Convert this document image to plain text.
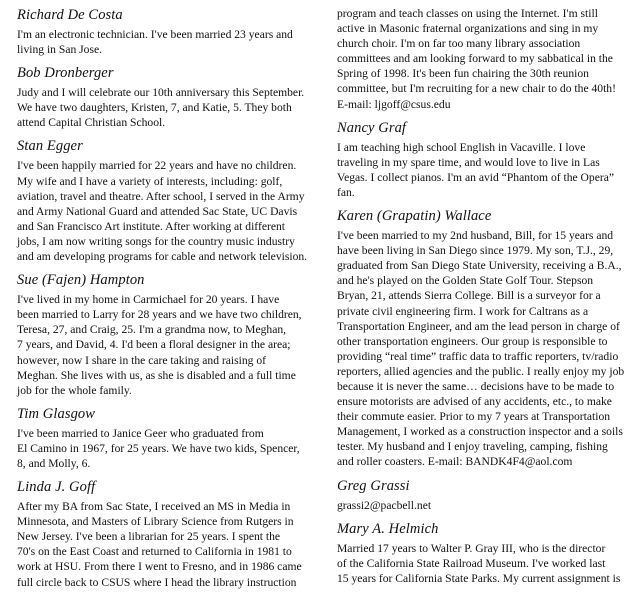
Richard De Costa
I'm an electronic technician. I've been married 23 years and
living in San Jose.
Bob Dronberger
Judy and I will celebrate our 10th anniversary this September.
We have two daughters, Kristen, 7, and Katie, 5. They both
attend Capital Christian School.
Stan Egger
I've been happily married for 22 years and have no children.
My wife and I have a variety of interests, including: golf,
aviation, travel and theatre. After school, I served in the Army
and Army National Guard and attended Sac State, UC Davis
and San Francisco Art institute. After working at different
jobs, I am now writing songs for the country music industry
and am developing programs for cable and network television.
Sue (Fajen) Hampton
I've lived in my home in Carmichael for 20 years. I have
been married to Larry for 28 years and we have two children,
Teresa, 27, and Craig, 25. I'm a grandma now, to Meghan,
7 years, and David, 4. I'd been a floral designer in the area;
however, now I share in the care taking and raising of
Meghan. She lives with us, as she is disabled and a full time
job for the whole family.
Tim Glasgow
I've been married to Janice Geer who graduated from
El Camino in 1967, for 25 years. We have two kids, Spencer,
8, and Molly, 6.
Linda J. Goff
After my BA from Sac State, I received an MS in Media in
Minnesota, and Masters of Library Science from Rutgers in
New Jersey. I've been a librarian for 25 years. I spent the
70's on the East Coast and returned to California in 1981 to
work at HSU. From there I went to Fresno, and in 1986 came
full circle back to CSUS where I head the library instruction
program and teach classes on using the Internet. I'm still
active in Masonic fraternal organizations and sing in my
church choir. I'm on far too many library association
committees and am looking forward to my sabbatical in the
Spring of 1998. It's been fun chairing the 30th reunion
committee, but I'm recruiting for a new chair to do the 40th!
E-mail: ljgoff@csus.edu
Nancy Graf
I am teaching high school English in Vacaville. I love
traveling in my spare time, and would love to live in Las
Vegas. I collect pianos. I'm an avid “Phantom of the Opera”
fan.
Karen (Grapatin) Wallace
I've been married to my 2nd husband, Bill, for 15 years and
have been living in San Diego since 1979. My son, T.J., 29,
graduated from San Diego State University, receiving a B.A.,
and he's played on the Golden State Golf Tour. Stepson
Bryan, 21, attends Sierra College. Bill is a surveyor for a
private civil engineering firm. I work for Caltrans as a
Transportation Engineer, and am the lead person in charge of
other transportation engineers. Our group is responsible to
providing “real time” traffic data to traffic reporters, tv/radio
reporters, allied agencies and the public. I really enjoy my job
because it is never the same… decisions have to be made to
ensure motorists are advised of any accidents, etc., to make
their commute easier. Prior to my 7 years at Transportation
Management, I worked as a construction inspector and a soils
tester. My husband and I enjoy traveling, camping, fishing
and roller coasters. E-mail: BANDK4F4@aol.com
Greg Grassi
grassi2@pacbell.net
Mary A. Helmich
Married 17 years to Walter P. Gray III, who is the director
of the California State Railroad Museum. I've worked last
15 years for California State Parks. My current assignment is
